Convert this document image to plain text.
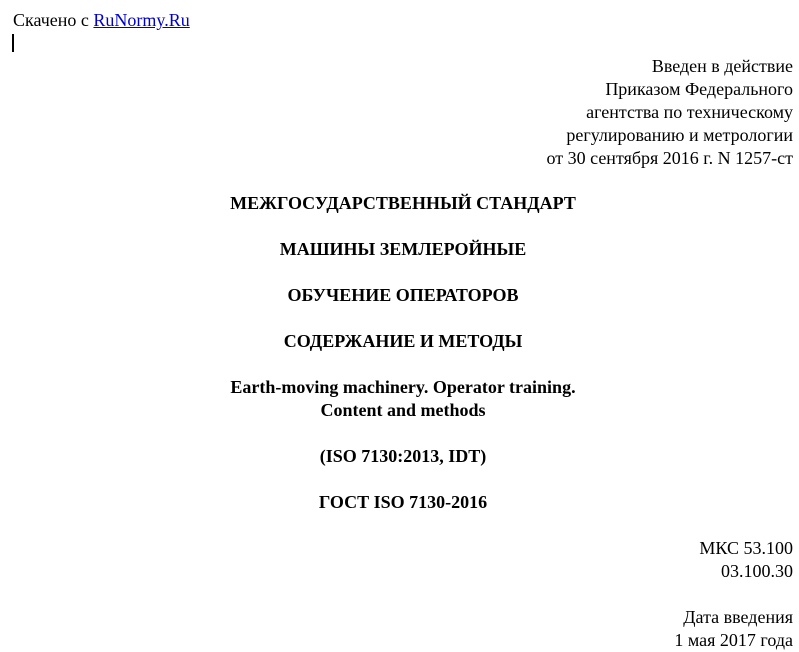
Скачено с RuNormy.Ru
Введен в действие
Приказом Федерального
агентства по техническому
регулированию и метрологии
от 30 сентября 2016 г. N 1257-ст
МЕЖГОСУДАРСТВЕННЫЙ СТАНДАРТ
МАШИНЫ ЗЕМЛЕРОЙНЫЕ
ОБУЧЕНИЕ ОПЕРАТОРОВ
СОДЕРЖАНИЕ И МЕТОДЫ
Earth-moving machinery. Operator training.
Content and methods
(ISO 7130:2013, IDT)
ГОСТ ISO 7130-2016
МКС 53.100
03.100.30
Дата введения
1 мая 2017 года
